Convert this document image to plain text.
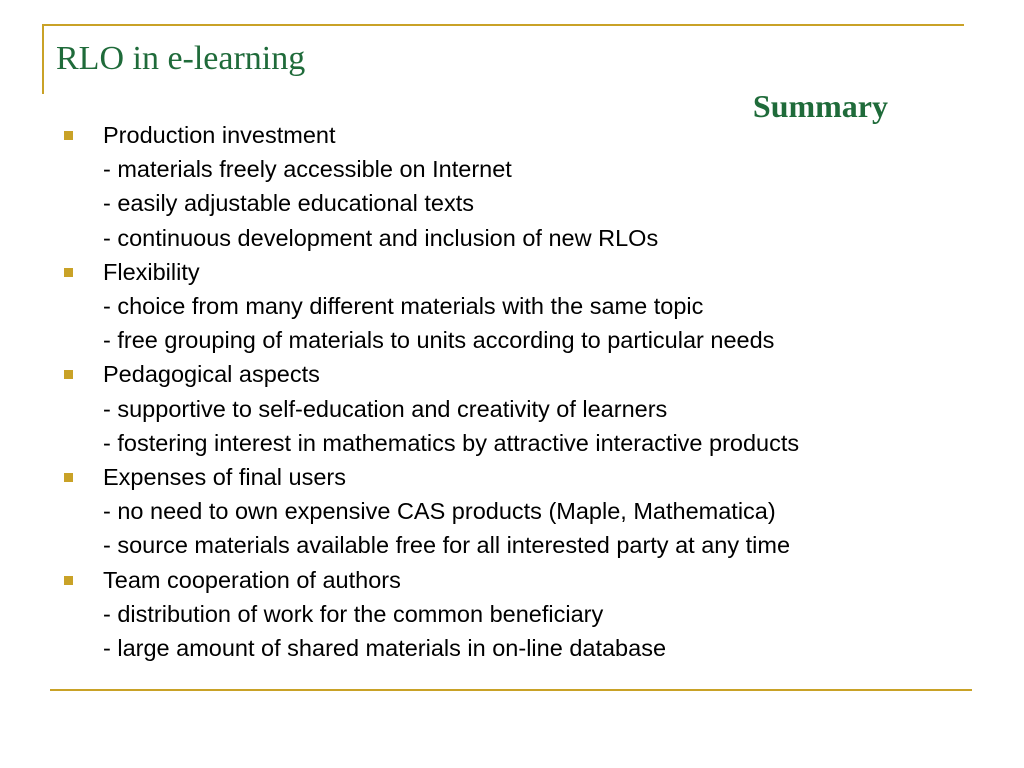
RLO in e-learning
Summary
Production investment
- materials freely accessible on Internet
- easily adjustable educational texts
- continuous development and inclusion of new RLOs
Flexibility
- choice from many different materials with the same topic
- free grouping of materials to units according to particular needs
Pedagogical aspects
- supportive to self-education and creativity of learners
- fostering interest in mathematics by attractive interactive products
Expenses of final users
- no need to own expensive CAS products (Maple, Mathematica)
- source materials available free for all interested party at any time
Team cooperation of authors
- distribution of work for the common beneficiary
- large amount of shared materials in on-line database
